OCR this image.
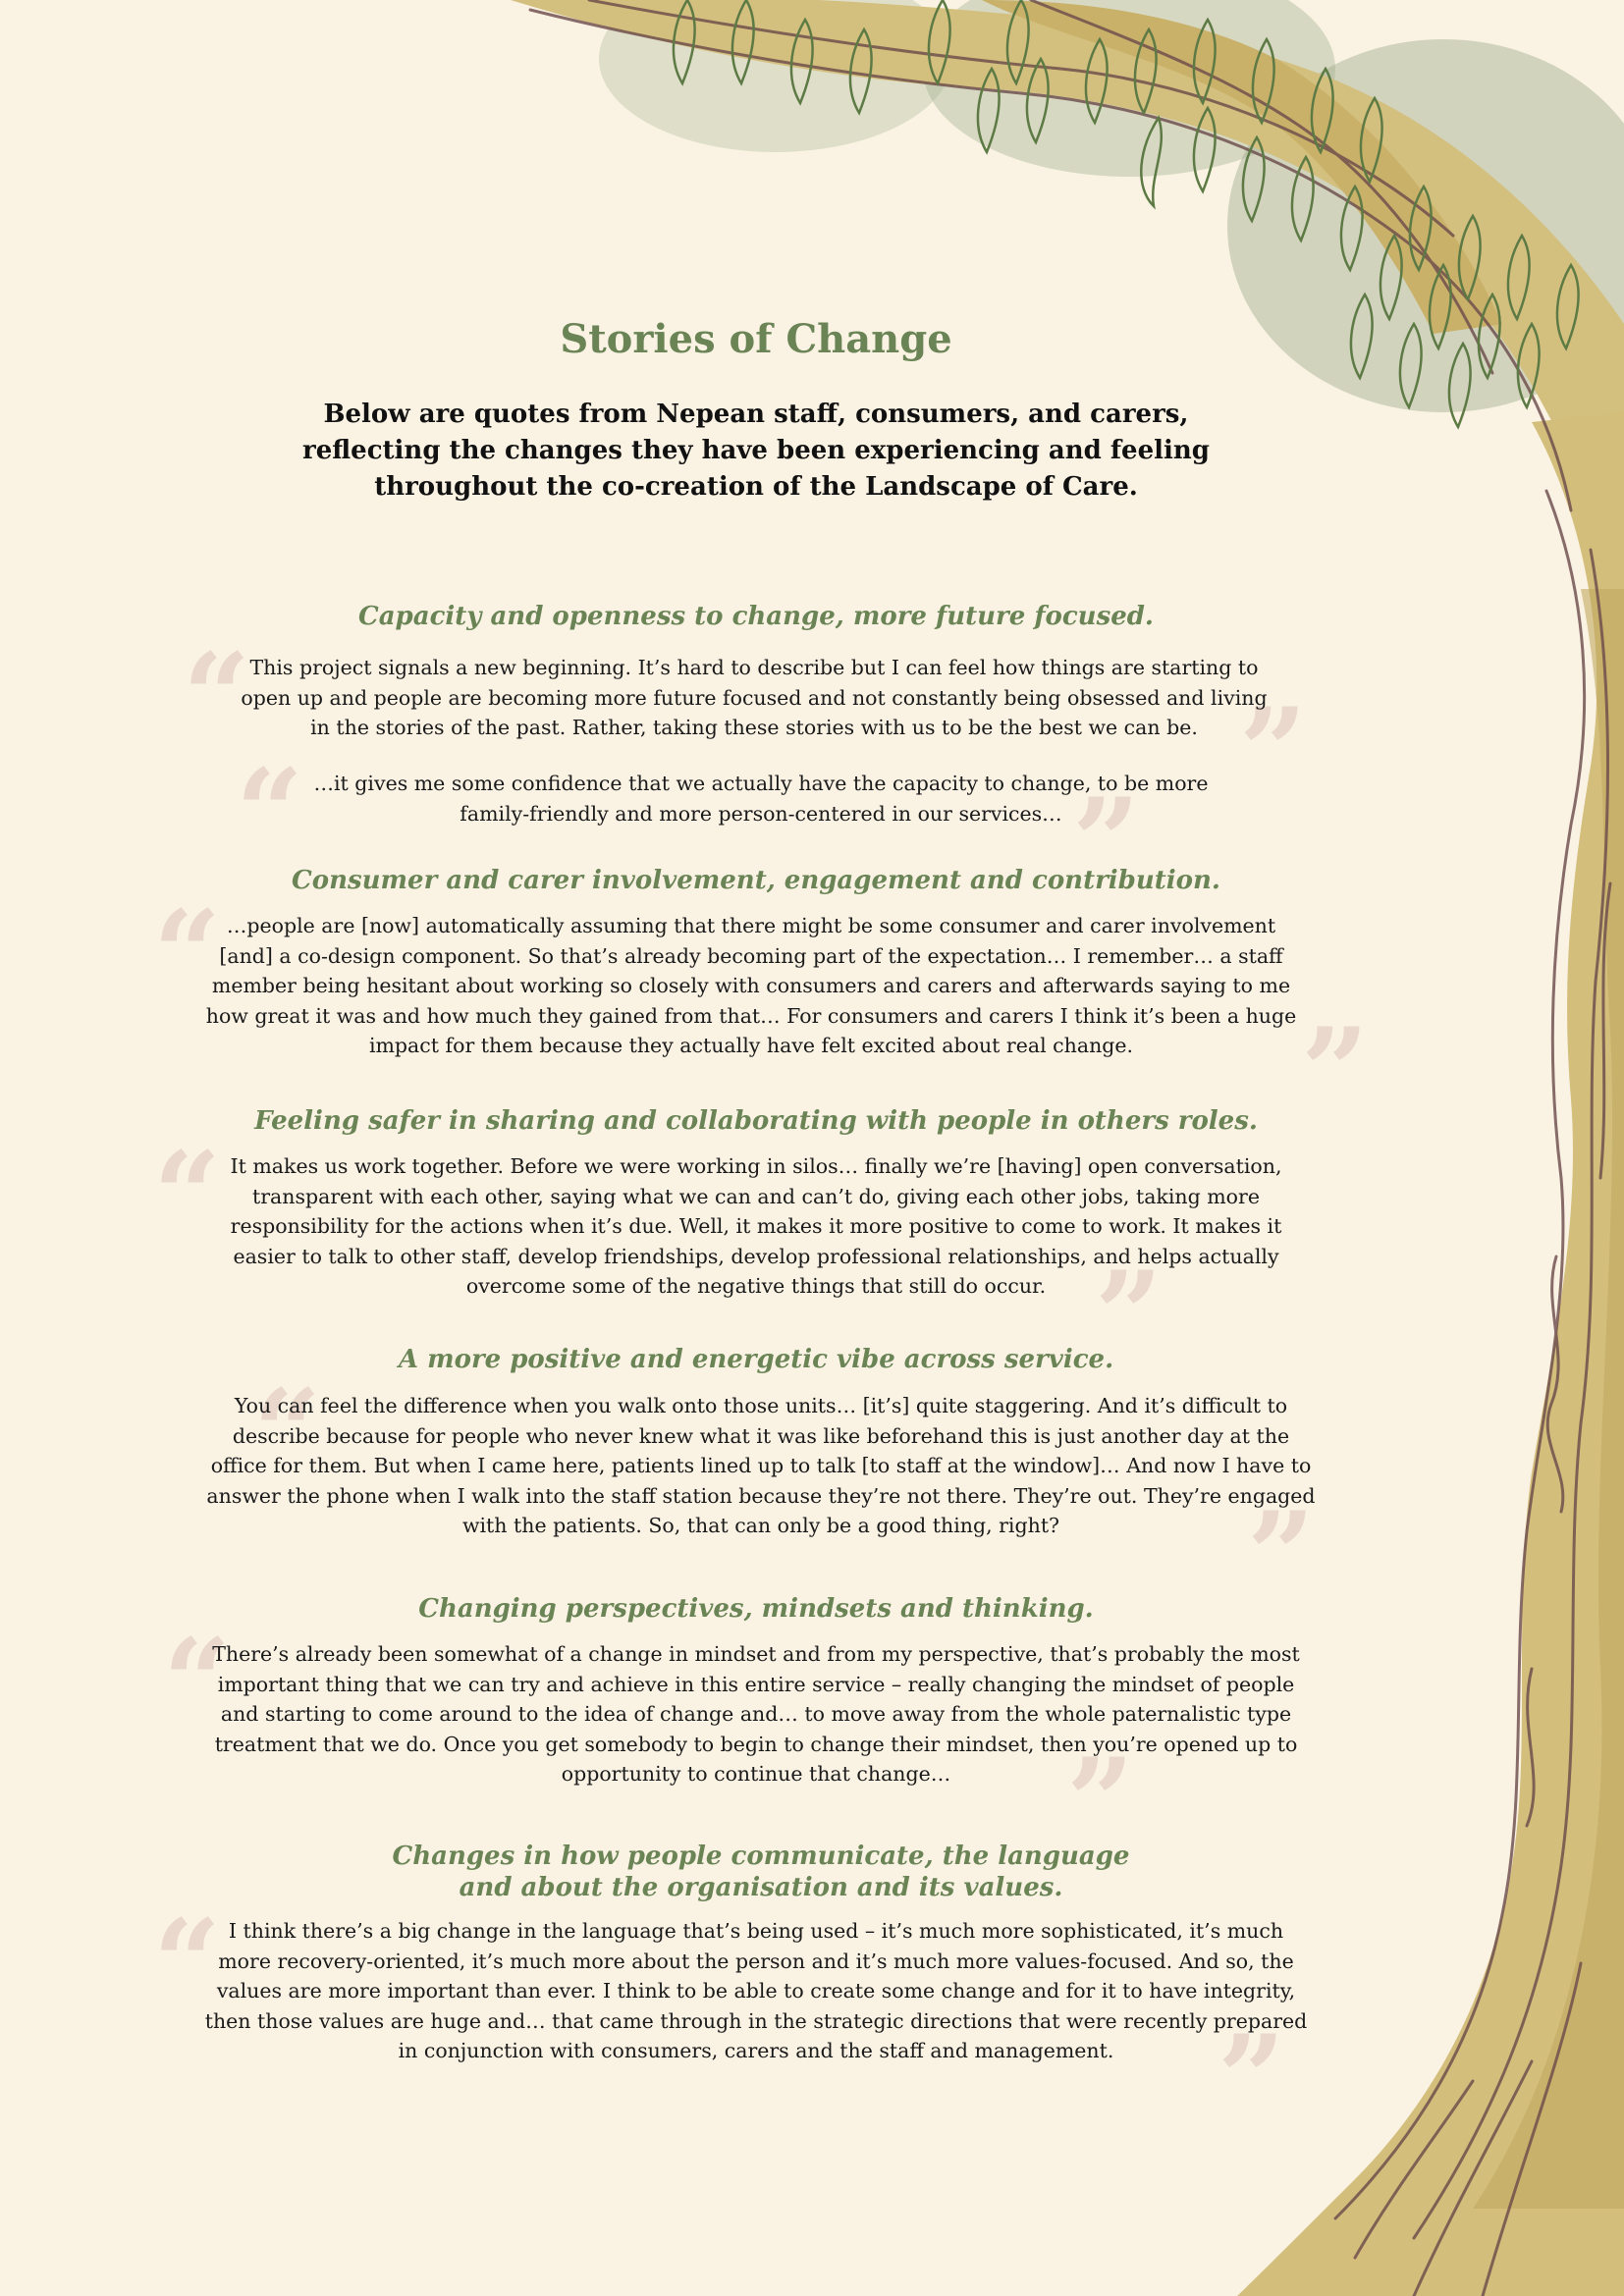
Stories of Change

Below are quotes from Nepean staff, consumers, and carers, reflecting the changes they have been experiencing and feeling throughout the co-creation of the Landscape of Care.

Capacity and openness to change, more future focused.
“ This project signals a new beginning. It’s hard to describe but I can feel how things are starting to open up and people are becoming more future focused and not constantly being obsessed and living in the stories of the past. Rather, taking these stories with us to be the best we can be. ”
“ …it gives me some confidence that we actually have the capacity to change, to be more family-friendly and more person-centered in our services… ”
Consumer and carer involvement, engagement and contribution.
“ …people are [now] automatically assuming that there might be some consumer and carer involvement [and] a co-design component. So that’s already becoming part of the expectation… I remember… a staff member being hesitant about working so closely with consumers and carers and afterwards saying to me how great it was and how much they gained from that… For consumers and carers I think it’s been a huge impact for them because they actually have felt excited about real change.	”
Feeling safer in sharing and collaborating with people in others roles.
“ It makes us work together. Before we were working in silos… finally we’re [having] open conversation, transparent with each other, saying what we can and can’t do, giving each other jobs, taking more responsibility for the actions when it’s due. Well, it makes it more positive to come to work. It makes it easier to talk to other staff, develop friendships, develop professional relationships, and helps actually overcome some of the negative things that still do occur. ”
A more positive and energetic vibe across service.
“

You can feel the difference when you walk onto those units… [it’s] quite staggering. And it’s difficult to describe because for people who never knew what it was like beforehand this is just another day at the office for them. But when I came here, patients lined up to talk [to staff at the window]… And now I have to answer the phone when I walk into the staff station because they’re not there. They’re out. They’re engaged with the patients. So, that can only be a good thing, right?	”
Changing perspectives, mindsets and thinking.
“

There’s already been somewhat of a change in mindset and from my perspective, that’s probably the most important thing that we can try and achieve in this entire service – really changing the mindset of people and starting to come around to the idea of change and… to move away from the whole paternalistic type treatment that we do. Once you get somebody to begin to change their mindset, then you’re opened up to opportunity to continue that change… ”
Changes in how people communicate, the language and about the organisation and its values.
“ I think there’s a big change in the language that’s being used – it’s much more sophisticated, it’s much more recovery-oriented, it’s much more about the person and it’s much more values-focused. And so, the values are more important than ever. I think to be able to create some change and for it to have integrity, then those values are huge and… that came through in the strategic directions that were recently prepared in conjunction with consumers, carers and the staff and management. ”
